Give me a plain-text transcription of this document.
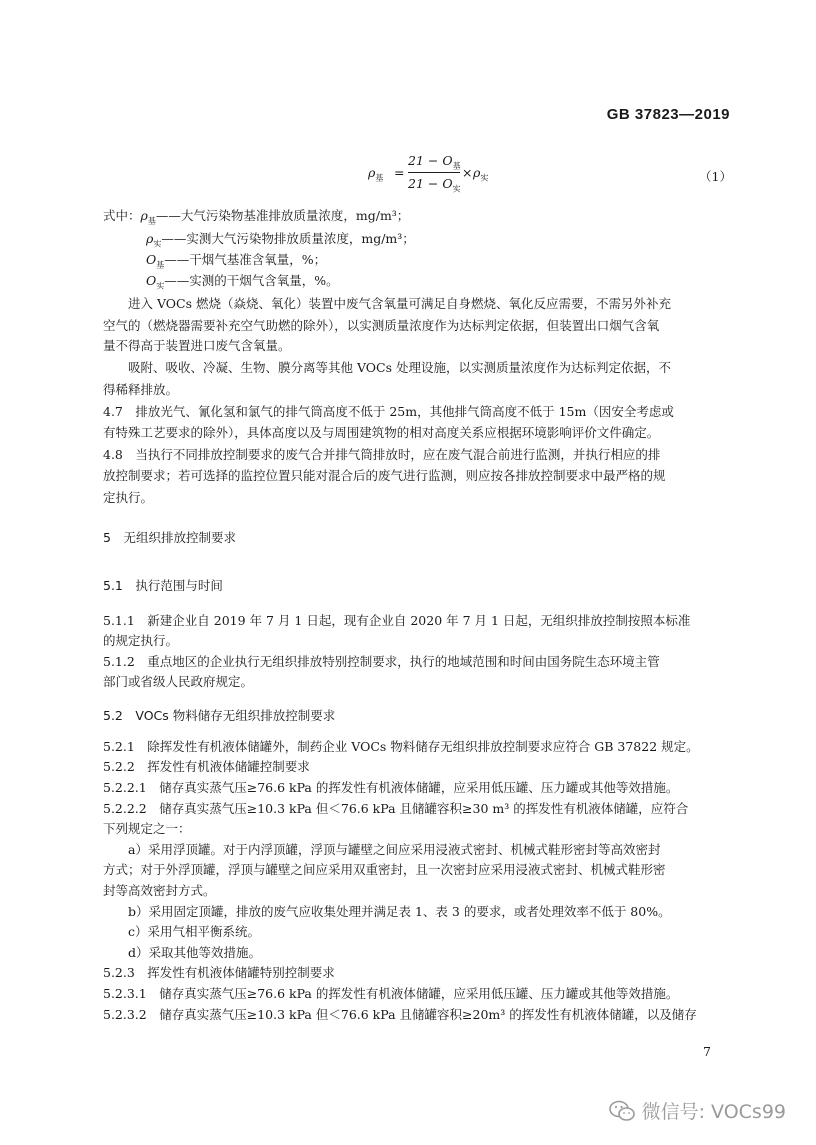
GB 37823—2019
$\rho_基$ =
$21 - O_基$
$21 - O_实$
× $\rho_实$	（1）
式中：$\rho_基——$大气污染物基准排放质量浓度，mg/m³；
$\rho_实——$实测大气污染物排放质量浓度，mg/m³；
$O_基——$干烟气基准含氧量，%；
$O_实——$实测的干烟气含氧量，%。
　　进入 VOCs 燃烧（焱烧、氧化）装置中废气含氧量可满足自身燃烧、氧化反应需要，不需另外补充
空气的（燃烧器需要补充空气助燃的除外），以实测质量浓度作为达标判定依据，但装置出口烟气含氧
量不得高于装置进口废气含氧量。
　　吸附、吸收、冷凝、生物、膜分离等其他 VOCs 处理设施，以实测质量浓度作为达标判定依据，不
得稀释排放。
4.7　排放光气、氰化氢和氯气的排气筒高度不低于 25m，其他排气筒高度不低于 15m（因安全考虑或
有特殊工艺要求的除外），具体高度以及与周围建筑物的相对高度关系应根据环境影响评价文件确定。
4.8　当执行不同排放控制要求的废气合并排气筒排放时，应在废气混合前进行监测，并执行相应的排
放控制要求；若可选择的监控位置只能对混合后的废气进行监测，则应按各排放控制要求中最严格的规
定执行。
5　无组织排放控制要求
5.1　执行范围与时间
5.1.1　新建企业自 2019 年 7 月 1 日起，现有企业自 2020 年 7 月 1 日起，无组织排放控制按照本标准
的规定执行。
5.1.2　重点地区的企业执行无组织排放特别控制要求，执行的地域范围和时间由国务院生态环境主管
部门或省级人民政府规定。
5.2　VOCs 物料储存无组织排放控制要求
5.2.1　除挥发性有机液体储罐外，制药企业 VOCs 物料储存无组织排放控制要求应符合 GB 37822 规定。
5.2.2　挥发性有机液体储罐控制要求
5.2.2.1　储存真实蒸气压≥76.6 kPa 的挥发性有机液体储罐，应采用低压罐、压力罐或其他等效措施。
5.2.2.2　储存真实蒸气压≥10.3 kPa 但＜76.6 kPa 且储罐容积≥30 m³ 的挥发性有机液体储罐，应符合
下列规定之一：
　　a）采用浮顶罐。对于内浮顶罐，浮顶与罐壁之间应采用浸液式密封、机械式鞋形密封等高效密封
方式；对于外浮顶罐，浮顶与罐壁之间应采用双重密封，且一次密封应采用浸液式密封、机械式鞋形密
封等高效密封方式。
　　b）采用固定顶罐，排放的废气应收集处理并满足表 1、表 3 的要求，或者处理效率不低于 80%。
　　c）采用气相平衡系统。
　　d）采取其他等效措施。
5.2.3　挥发性有机液体储罐特别控制要求
5.2.3.1　储存真实蒸气压≥76.6 kPa 的挥发性有机液体储罐，应采用低压罐、压力罐或其他等效措施。
5.2.3.2　储存真实蒸气压≥10.3 kPa 但＜76.6 kPa 且储罐容积≥20m³ 的挥发性有机液体储罐，以及储存
7
微信号: VOCs99
